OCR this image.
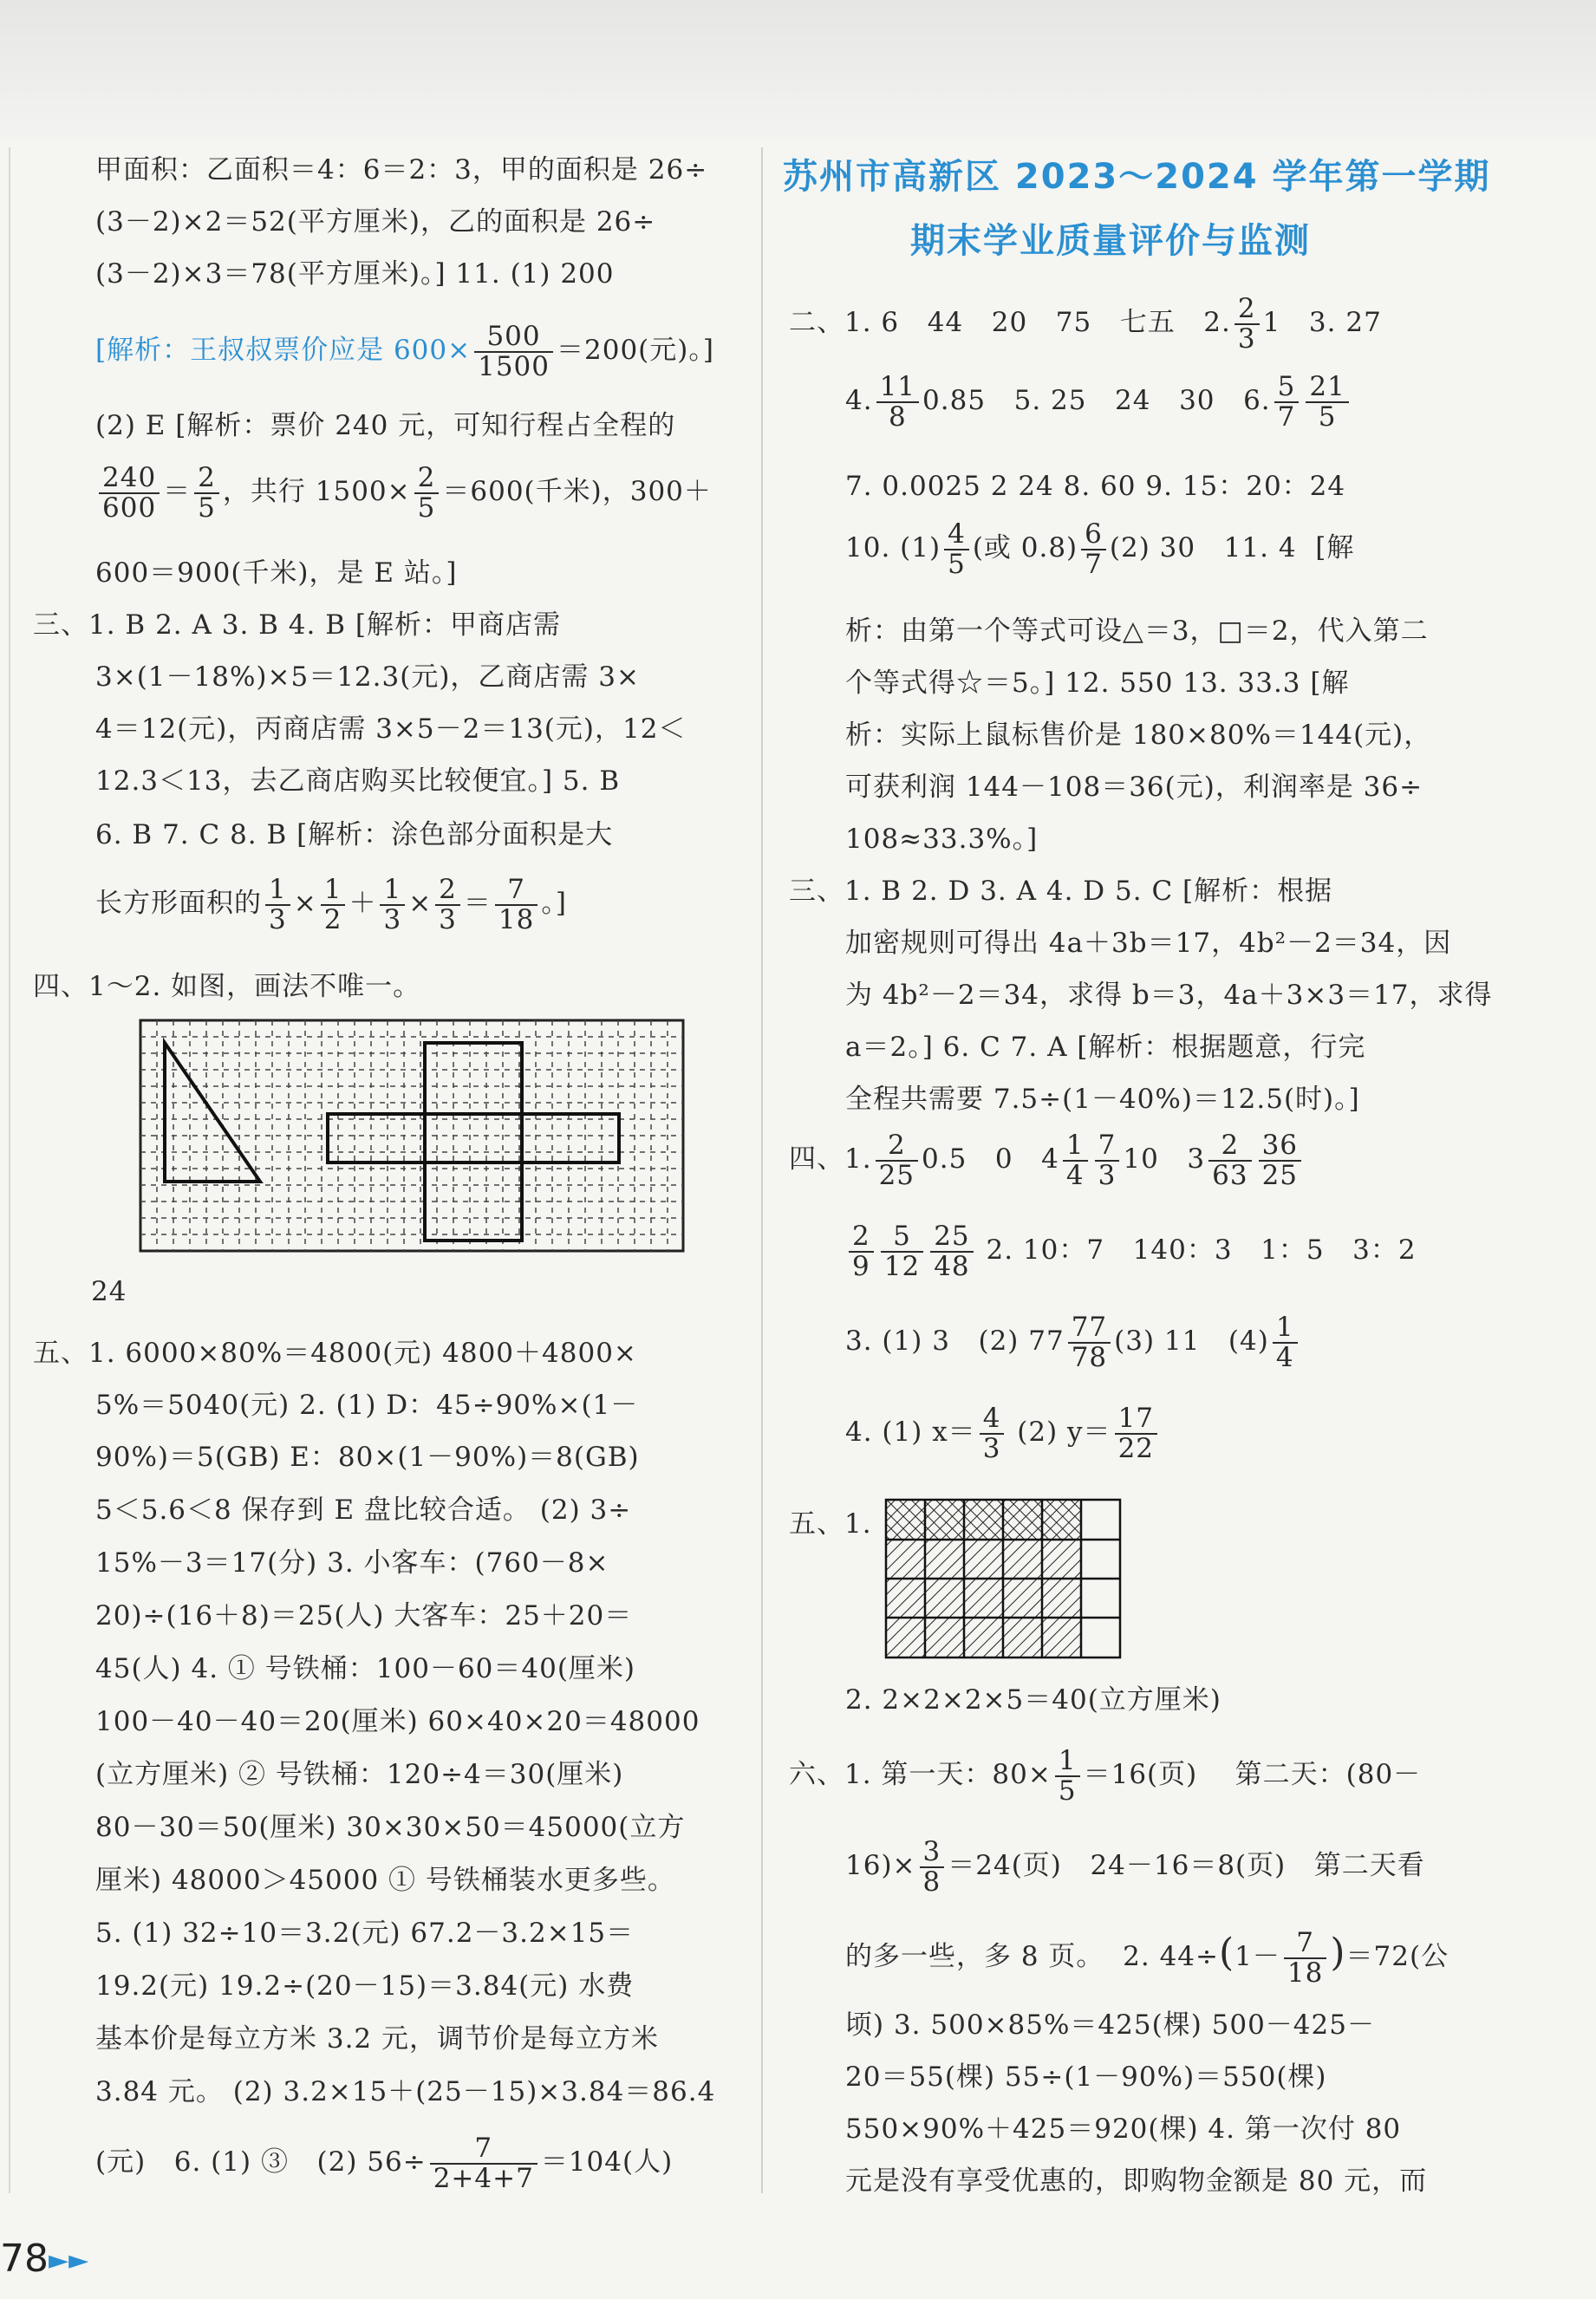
甲面积：乙面积＝4：6＝2：3，甲的面积是 26÷
(3－2)×2＝52(平方厘米)，乙的面积是 26÷
(3－2)×3＝78(平方厘米)。] 11. (1) 200
[解析：王叔叔票价应是 $600\times \frac{500}{1500} =200$(元)。]
(2) E [解析：票价 240 元，可知行程占全程的
$\frac{240}{600} = \frac{2}{5}$ ，共行 $1500\times \frac{2}{5} =600$(千米)，300＋
600＝900(千米)，是 E 站。]
三、1. B 2. A 3. B 4. B [解析：甲商店需
3×(1－18%)×5＝12.3(元)，乙商店需 3×
4＝12(元)，丙商店需 3×5－2＝13(元)，12＜
12.3＜13，去乙商店购买比较便宜。] 5. B
6. B 7. C 8. B [解析：涂色部分面积是大
长方形面积的 $\frac{1}{3} \times \frac{1}{2} + \frac{1}{3} \times \frac{2}{3} = \frac{7}{18}$ 。]
四、1～2. 如图，画法不唯一。
24
五、1. 6000×80%＝4800(元) 4800＋4800×
5%＝5040(元) 2. (1) D：45÷90%×(1－
90%)＝5(GB) E：80×(1－90%)＝8(GB)
5＜5.6＜8 保存到 E 盘比较合适。 (2) 3÷
15%－3＝17(分) 3. 小客车：(760－8×
20)÷(16＋8)＝25(人) 大客车：25＋20＝
45(人) 4. ① 号铁桶：100－60＝40(厘米)
100－40－40＝20(厘米) 60×40×20＝48000
(立方厘米) ② 号铁桶：120÷4＝30(厘米)
80－30＝50(厘米) 30×30×50＝45000(立方
厘米) 48000＞45000 ① 号铁桶装水更多些。
5. (1) 32÷10＝3.2(元) 67.2－3.2×15＝
19.2(元) 19.2÷(20－15)＝3.84(元) 水费
基本价是每立方米 3.2 元，调节价是每立方米
3.84 元。 (2) 3.2×15＋(25－15)×3.84＝86.4
(元)   6. (1) ③   (2) $56\div \frac{7}{2+4+7} =104$(人)
苏州市高新区 2023～2024 学年第一学期
期末学业质量评价与监测
二、1. 6   44   20   75   七五   2. $\frac{2}{3} 1$   3. 27
4. $\frac{11}{8} 0.85$   5. 25   24   30   6. $\frac{5}{7} \frac{21}{5}$
7. 0.0025 2 24 8. 60 9. 15：20：24
10. $(1) \frac{4}{5}$ (或 $0.8) \frac{6}{7} (2)$ 30   11. 4  [解
析：由第一个等式可设△＝3，□＝2，代入第二
个等式得☆＝5。] 12. 550 13. 33.3 [解
析：实际上鼠标售价是 180×80%＝144(元)，
可获利润 144－108＝36(元)，利润率是 36÷
108≈33.3%。]
三、1. B 2. D 3. A 4. D 5. C [解析：根据
加密规则可得出 4a＋3b＝17，4b²－2＝34，因
为 4b²－2＝34，求得 b＝3，4a＋3×3＝17，求得
a＝2。] 6. C 7. A [解析：根据题意，行完
全程共需要 7.5÷(1－40%)＝12.5(时)。]
四、1. $\frac{2}{25} 0.5$   0   $4 \frac{1}{4} \frac{7}{3} 10$   $3 \frac{2}{63} \frac{36}{25}$
$\frac{2}{9} \frac{5}{12} \frac{25}{48} 2$. 10：7   140：3   1：5   3：2
3. (1) 3   (2) $77 \frac{77}{78} (3)$ 11   $(4) \frac{1}{4}$
4. (1) $x= \frac{4}{3} (2)$ $y= \frac{17}{22}$
五、1.
2. 2×2×2×5＝40(立方厘米)
六、1. 第一天：$80\times \frac{1}{5} =16$(页)    第二天：(80－
$16)\times \frac{3}{8} =24$(页)   24－16＝8(页)   第二天看
的多一些，多 8 页。  2. $44\div(1- \frac{7}{18} )=72$(公
顷) 3. 500×85%＝425(棵) 500－425－
20＝55(棵) 55÷(1－90%)＝550(棵)
550×90%＋425＝920(棵) 4. 第一次付 80
元是没有享受优惠的，即购物金额是 80 元，而
78 ►►
